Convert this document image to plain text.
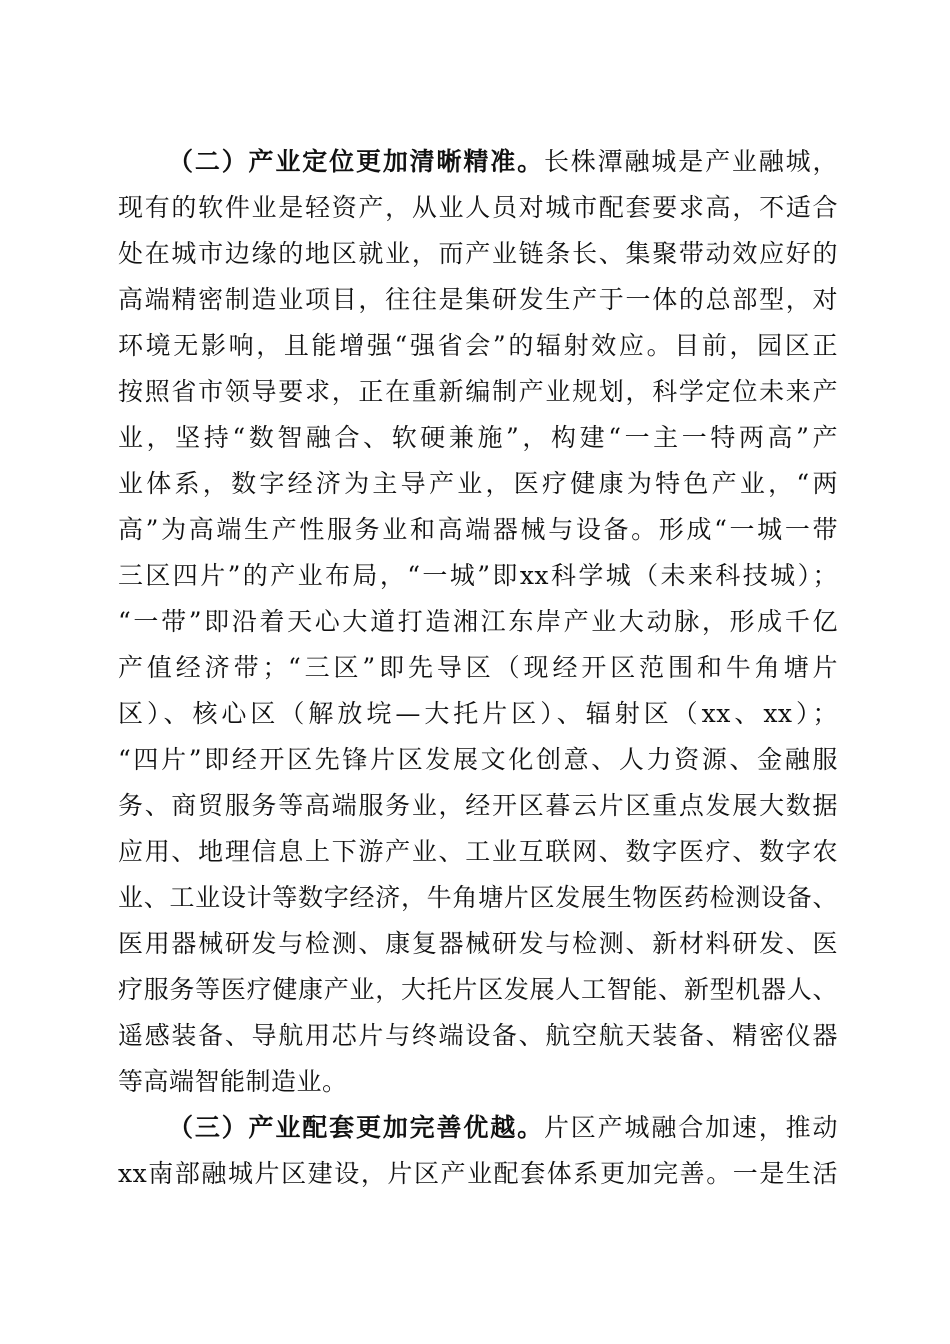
（二）产业定位更加清晰精准。长株潭融城是产业融城，
现有的软件业是轻资产，从业人员对城市配套要求高，不适合
处在城市边缘的地区就业，而产业链条长、集聚带动效应好的
高端精密制造业项目，往往是集研发生产于一体的总部型，对
环境无影响，且能增强“强省会”的辐射效应。目前，园区正
按照省市领导要求，正在重新编制产业规划，科学定位未来产
业，坚持“数智融合、软硬兼施”，构建“一主一特两高”产
业体系，数字经济为主导产业，医疗健康为特色产业，“两
高”为高端生产性服务业和高端器械与设备。形成“一城一带
三区四片”的产业布局，“一城”即xx科学城（未来科技城）；
“一带”即沿着天心大道打造湘江东岸产业大动脉，形成千亿
产值经济带；“三区”即先导区（现经开区范围和牛角塘片
区）、核心区（解放垸—大托片区）、辐射区（xx、xx）；
“四片”即经开区先锋片区发展文化创意、人力资源、金融服
务、商贸服务等高端服务业，经开区暮云片区重点发展大数据
应用、地理信息上下游产业、工业互联网、数字医疗、数字农
业、工业设计等数字经济，牛角塘片区发展生物医药检测设备、
医用器械研发与检测、康复器械研发与检测、新材料研发、医
疗服务等医疗健康产业，大托片区发展人工智能、新型机器人、
遥感装备、导航用芯片与终端设备、航空航天装备、精密仪器
等高端智能制造业。
（三）产业配套更加完善优越。片区产城融合加速，推动
xx南部融城片区建设，片区产业配套体系更加完善。一是生活
